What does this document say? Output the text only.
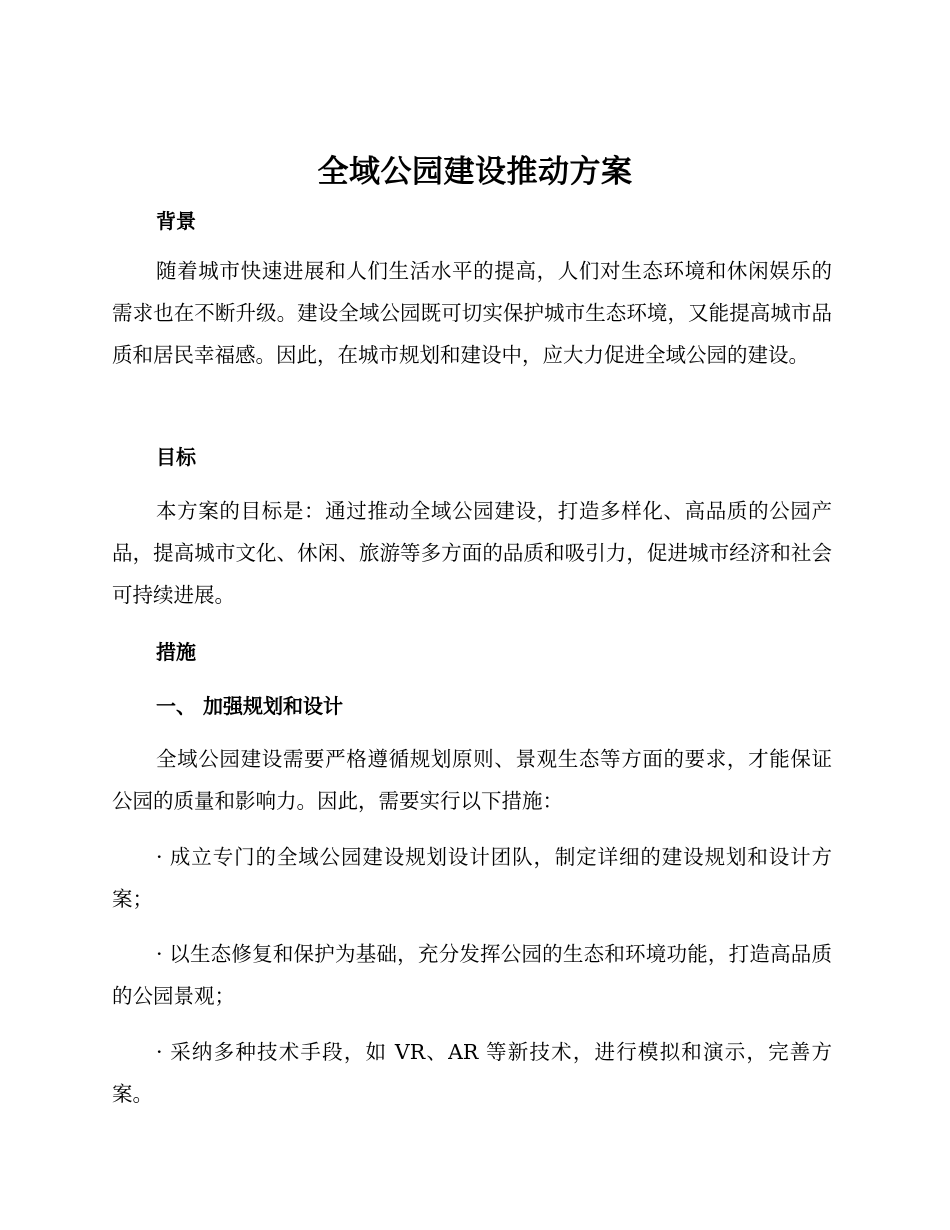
全域公园建设推动方案
背景

随着城市快速进展和人们生活水平的提高，人们对生态环境和休闲娱乐的需求也在不断升级。建设全域公园既可切实保护城市生态环境，又能提高城市品质和居民幸福感。因此，在城市规划和建设中，应大力促进全域公园的建设。

目标

本方案的目标是：通过推动全域公园建设，打造多样化、高品质的公园产品，提高城市文化、休闲、旅游等多方面的品质和吸引力，促进城市经济和社会可持续进展。

措施
一、 加强规划和设计

全域公园建设需要严格遵循规划原则、景观生态等方面的要求，才能保证公园的质量和影响力。因此，需要实行以下措施：

· 成立专门的全域公园建设规划设计团队，制定详细的建设规划和设计方案；

· 以生态修复和保护为基础，充分发挥公园的生态和环境功能，打造高品质的公园景观；

· 采纳多种技术手段，如 VR、AR 等新技术，进行模拟和演示，完善方案。
